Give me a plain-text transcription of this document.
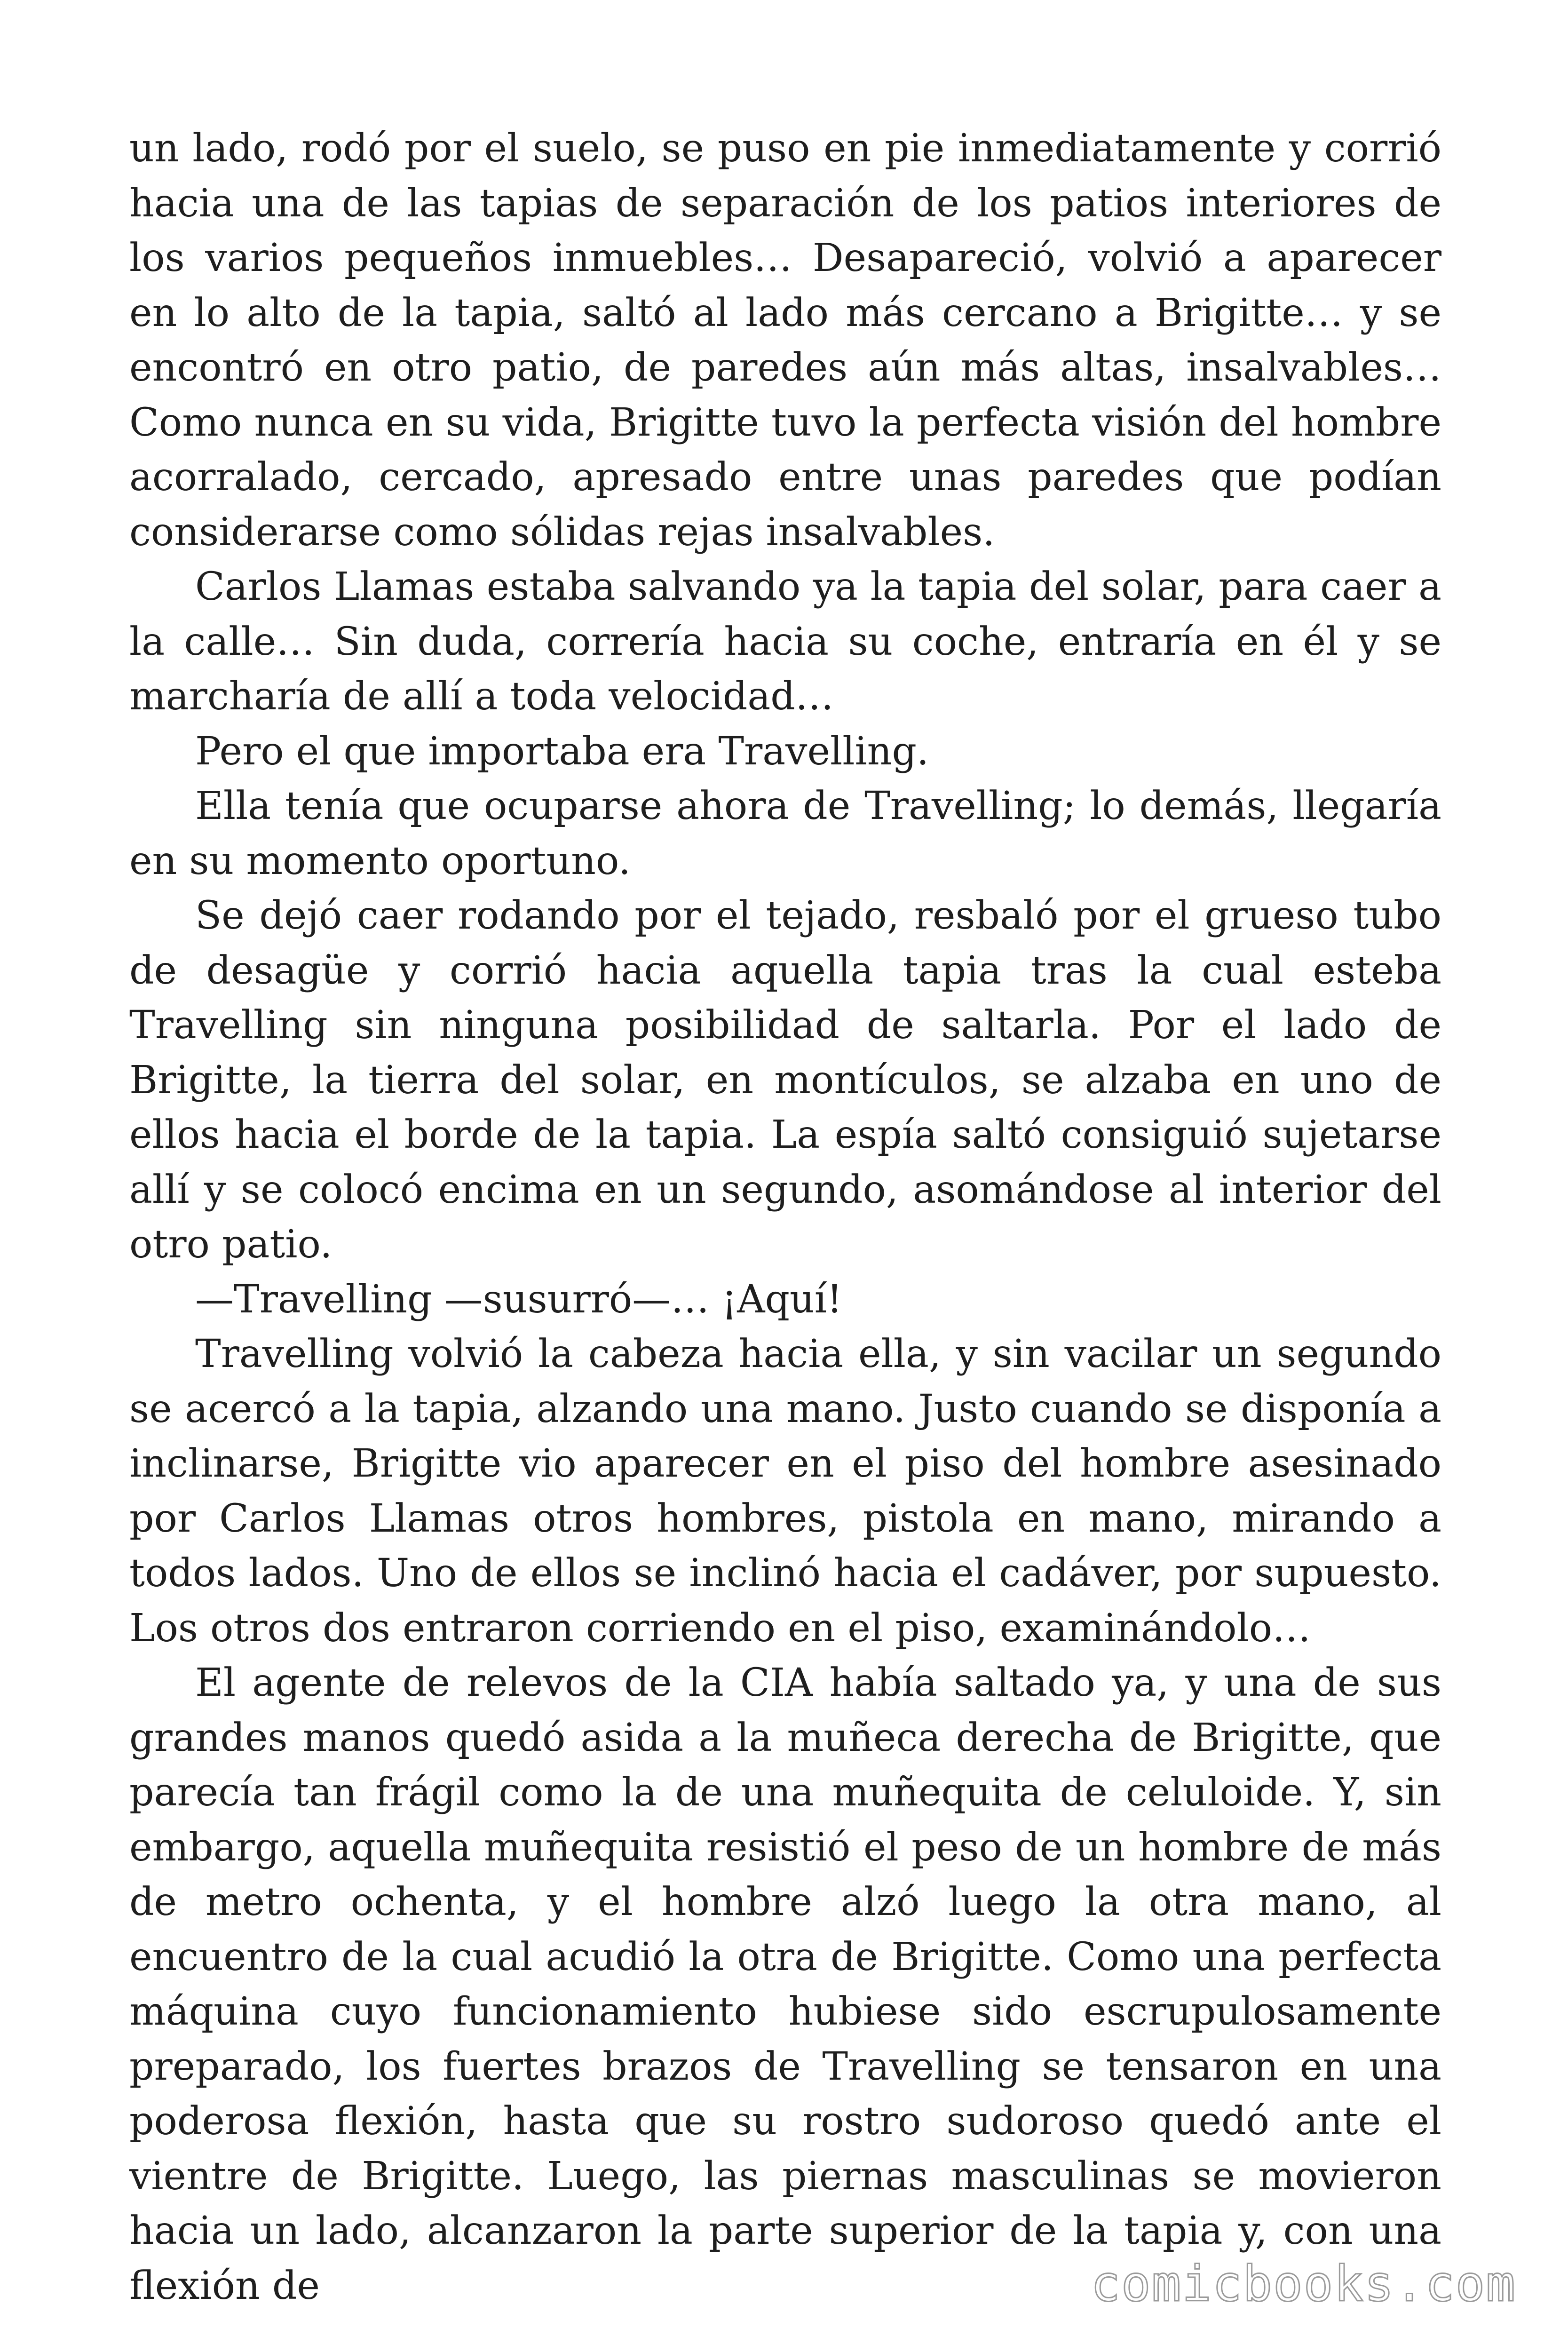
un lado, rodó por el suelo, se puso en pie inmediatamente y corrió hacia una de las tapias de separación de los patios interiores de los varios pequeños inmuebles… Desapareció, volvió a aparecer en lo alto de la tapia, saltó al lado más cercano a Brigitte… y se encontró en otro patio, de paredes aún más altas, insalvables… Como nunca en su vida, Brigitte tuvo la perfecta visión del hombre acorralado, cercado, apresado entre unas paredes que podían considerarse como sólidas rejas insalvables.

Carlos Llamas estaba salvando ya la tapia del solar, para caer a la calle… Sin duda, correría hacia su coche, entraría en él y se marcharía de allí a toda velocidad…

Pero el que importaba era Travelling.

Ella tenía que ocuparse ahora de Travelling; lo demás, llegaría en su momento oportuno.

Se dejó caer rodando por el tejado, resbaló por el grueso tubo de desagüe y corrió hacia aquella tapia tras la cual esteba Travelling sin ninguna posibilidad de saltarla. Por el lado de Brigitte, la tierra del solar, en montículos, se alzaba en uno de ellos hacia el borde de la tapia. La espía saltó consiguió sujetarse allí y se colocó encima en un segundo, asomándose al interior del otro patio.

—Travelling —susurró—… ¡Aquí!

Travelling volvió la cabeza hacia ella, y sin vacilar un segundo se acercó a la tapia, alzando una mano. Justo cuando se disponía a inclinarse, Brigitte vio aparecer en el piso del hombre asesinado por Carlos Llamas otros hombres, pistola en mano, mirando a todos lados. Uno de ellos se inclinó hacia el cadáver, por supuesto. Los otros dos entraron corriendo en el piso, examinándolo…

El agente de relevos de la CIA había saltado ya, y una de sus grandes manos quedó asida a la muñeca derecha de Brigitte, que parecía tan frágil como la de una muñequita de celuloide. Y, sin embargo, aquella muñequita resistió el peso de un hombre de más de metro ochenta, y el hombre alzó luego la otra mano, al encuentro de la cual acudió la otra de Brigitte. Como una perfecta máquina cuyo funcionamiento hubiese sido escrupulosamente preparado, los fuertes brazos de Travelling se tensaron en una poderosa flexión, hasta que su rostro sudoroso quedó ante el vientre de Brigitte. Luego, las piernas masculinas se movieron hacia un lado, alcanzaron la parte superior de la tapia y, con una flexión de	comicbooks.com
